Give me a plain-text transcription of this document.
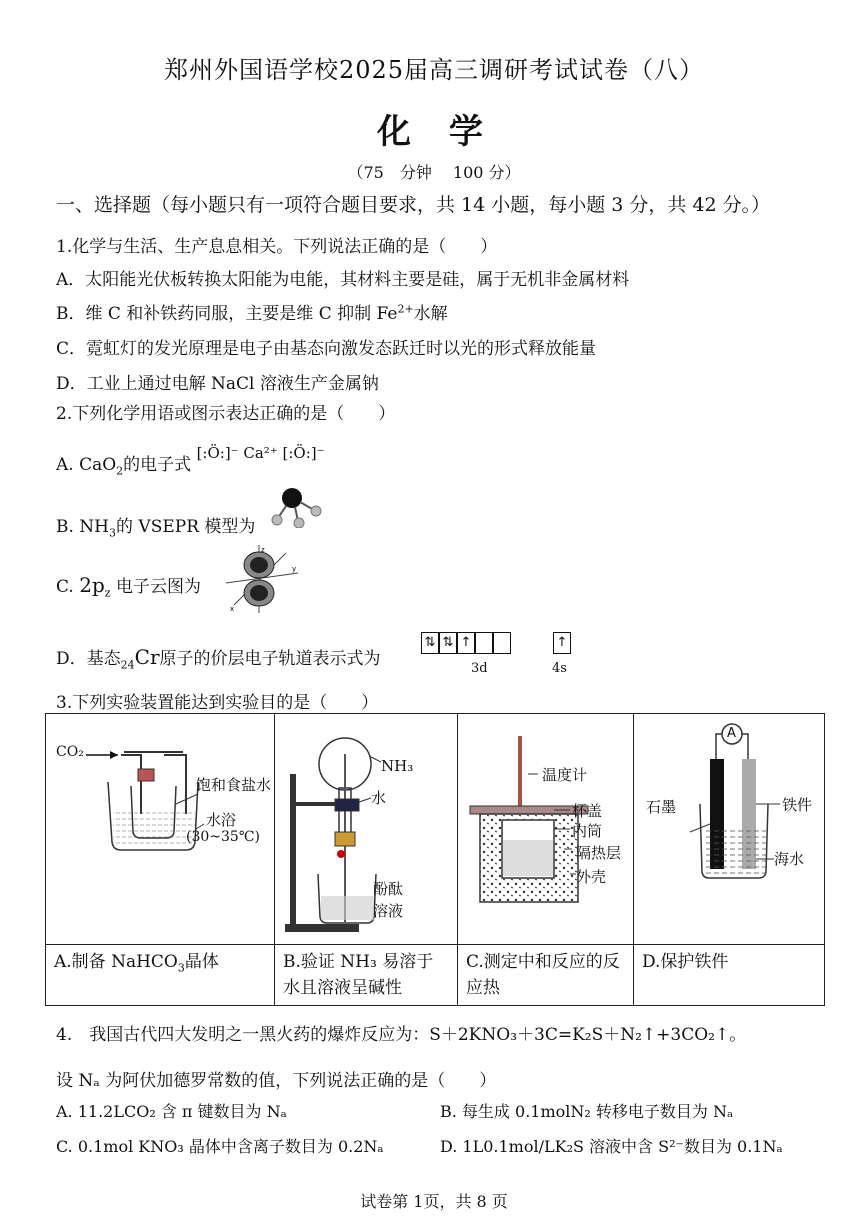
郑州外国语学校2025届高三调研考试试卷（八）
化学
（75　分钟　 100 分）
一、选择题（每小题只有一项符合题目要求，共 14 小题，每小题 3 分，共 42 分。）
1.化学与生活、生产息息相关。下列说法正确的是（　　）
A．太阳能光伏板转换太阳能为电能，其材料主要是硅，属于无机非金属材料
B．维 C 和补铁药同服，主要是维 C 抑制 $Fe^{2+}$水解
C．霓虹灯的发光原理是电子由基态向激发态跃迁时以光的形式释放能量
D．工业上通过电解 NaCl 溶液生产金属钠
2.下列化学用语或图示表达正确的是（　　）
A. CaO$_2$的电子式 [:Ö:]⁻ Ca²⁺ [:Ö:]⁻
B. $NH_3$的 VSEPR 模型为
C. $2p_z$ 电子云图为
z
y
x
D．基态$_{24}$Cr原子的价层电子轨道表示式为
⇅ ⇅ ↑	↑
3d	4s
3.下列实验装置能达到实验目的是（　　）
CO₂
饱和食盐水
水浴
(30~35℃)	NH₃
水
酚酞
溶液	温度计
杯盖
内筒
隔热层
外壳	A
石墨 铁件
海水

A.制备 NaHCO$_3$晶体	B.验证 NH₃ 易溶于水且溶液呈碱性	C.测定中和反应的反应热	D.保护铁件
4.　我国古代四大发明之一黑火药的爆炸反应为：S＋2KNO₃＋3C=K₂S＋N₂↑+3CO₂↑。
设 Nₐ 为阿伏加德罗常数的值，下列说法正确的是（　　）
A. 11.2LCO₂ 含 π 键数目为 Nₐ	B. 每生成 0.1molN₂ 转移电子数目为 Nₐ
C. 0.1mol KNO₃ 晶体中含离子数目为 0.2Nₐ	D. 1L0.1mol/LK₂S 溶液中含 S²⁻数目为 0.1Nₐ
试卷第 1页，共 8 页
